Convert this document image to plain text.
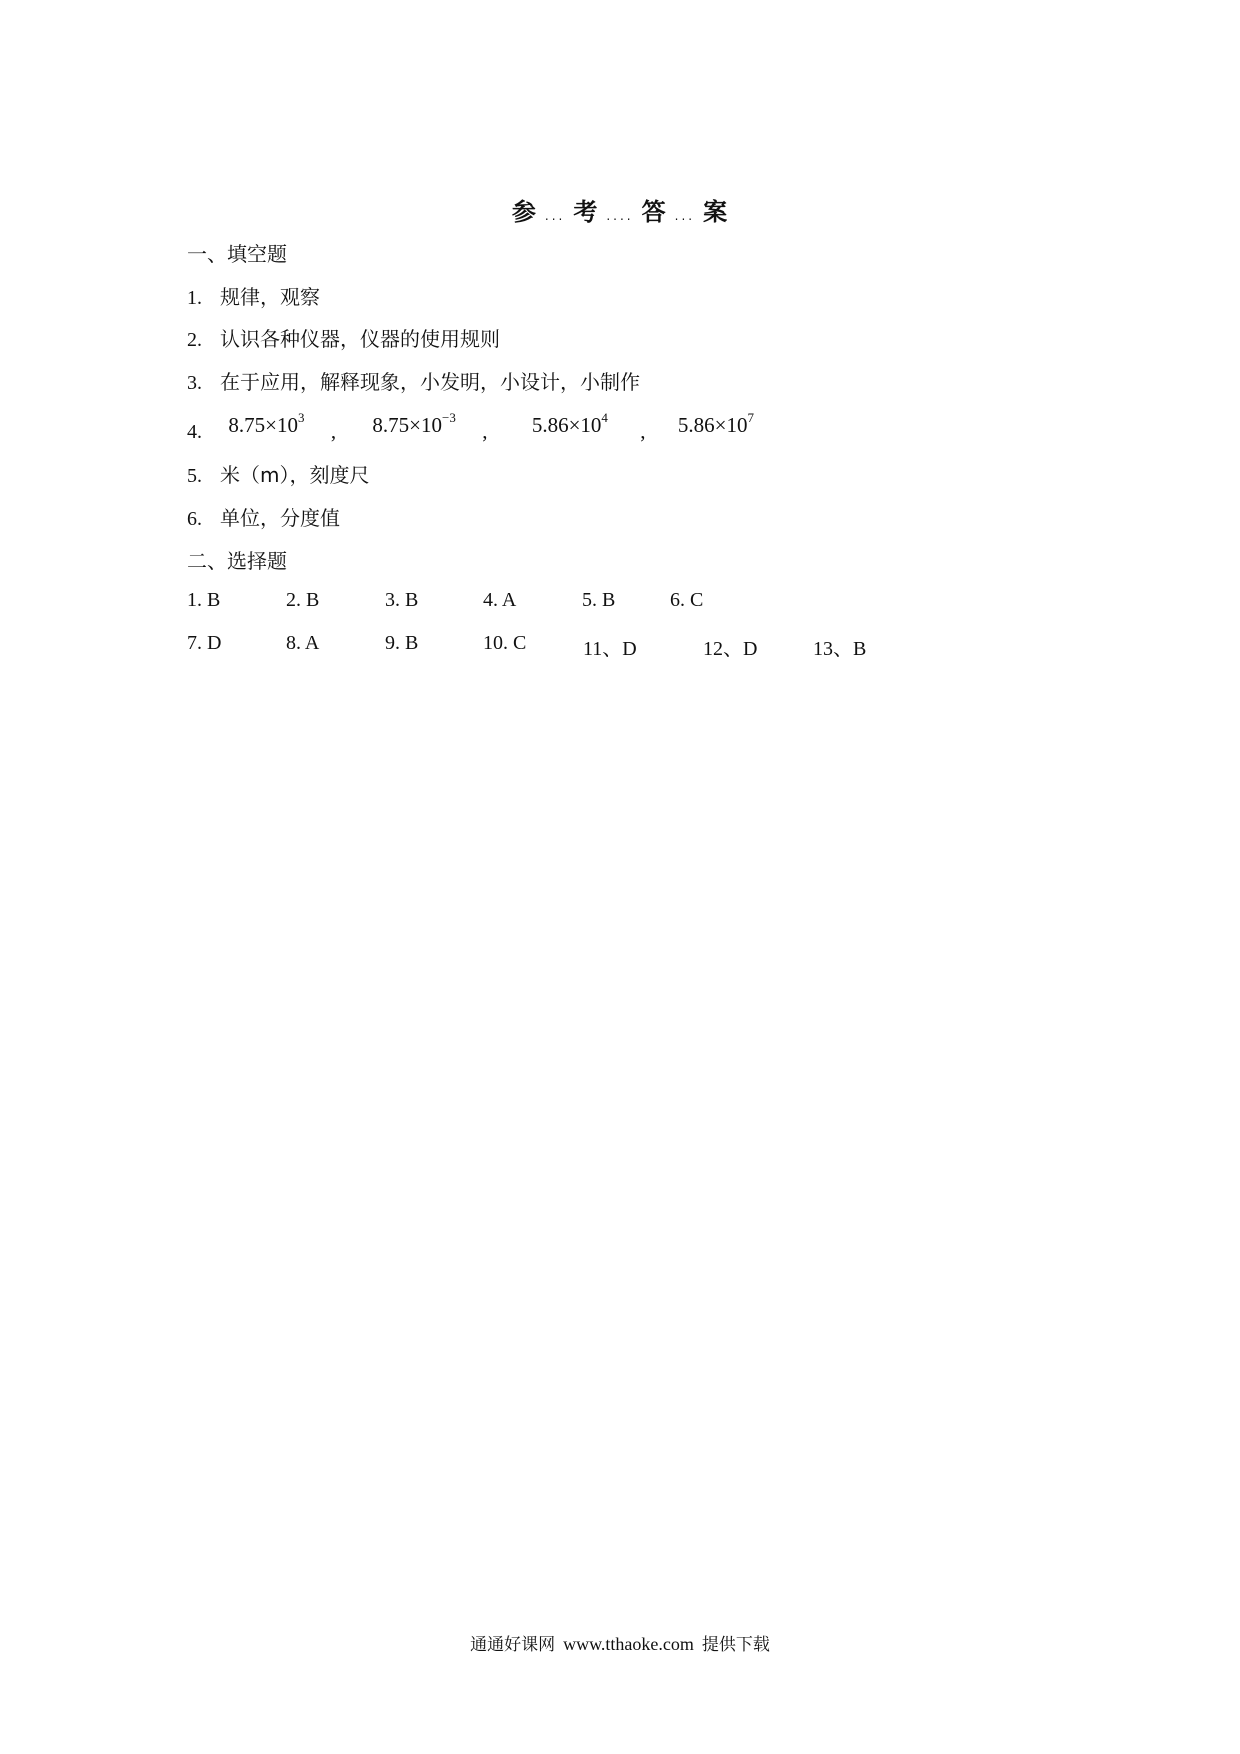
参 ... 考 .... 答 ... 案
一、填空题
1. 规律，观察
2. 认识各种仪器，仪器的使用规则
3. 在于应用，解释现象，小发明，小设计，小制作
4. $8.75\times 10^3$ , $8.75\times 10^{-3}$ , $5.86\times 10^4$ , $5.86\times 10^7$
5. 米（m），刻度尺
6. 单位，分度值
二、选择题
1. B	2. B	3. B	4. A	5. B	6. C
7. D	8. A	9. B	10. C	11、D	12、D	13、B
通通好课网 www.tthaoke.com 提供下载
